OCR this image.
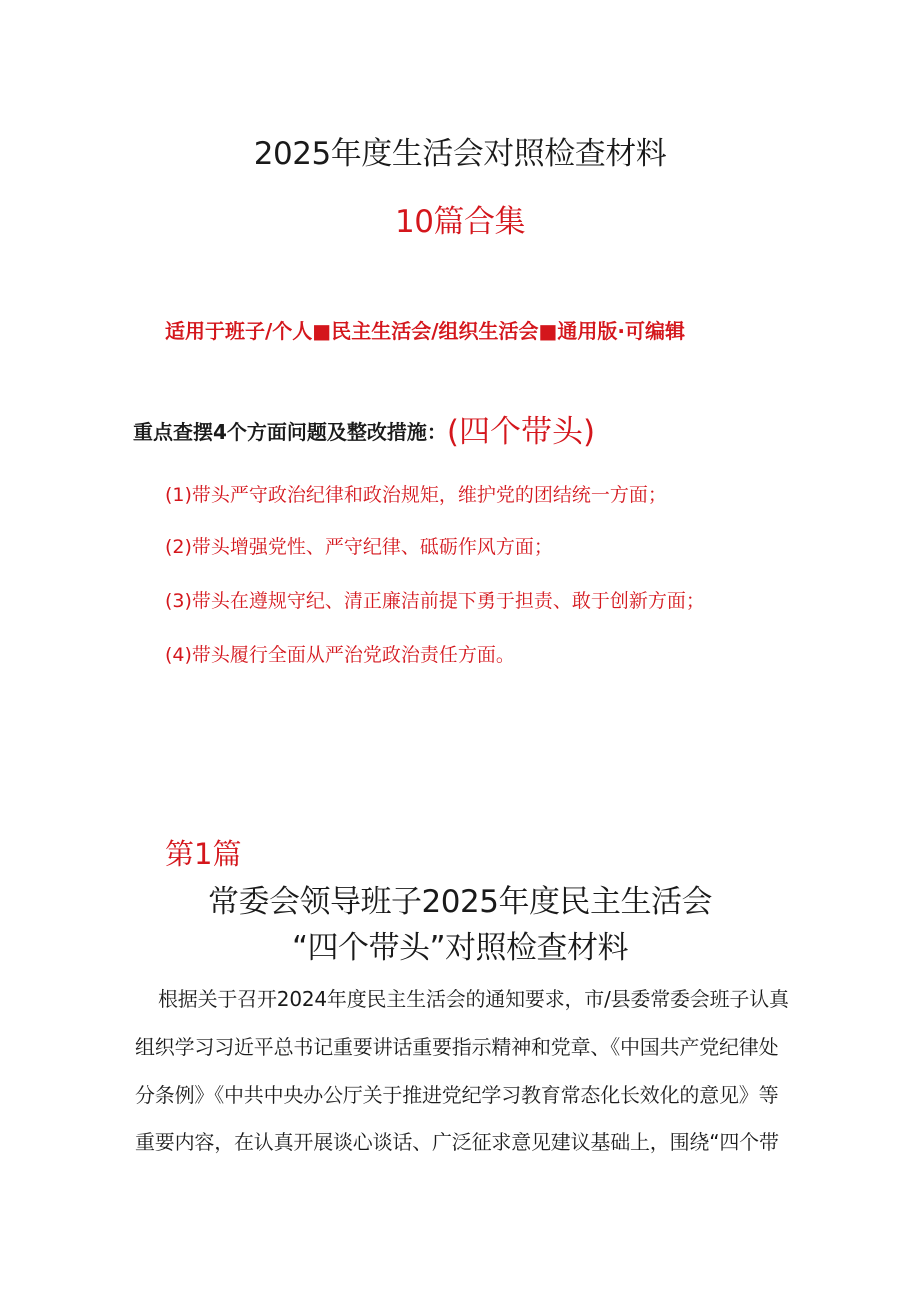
2025年度生活会对照检查材料
10篇合集
适用于班子/个人■民主生活会/组织生活会■通用版·可编辑
重点查摆4个方面问题及整改措施：(四个带头)
(1)带头严守政治纪律和政治规矩，维护党的团结统一方面；
(2)带头增强党性、严守纪律、砥砺作风方面；
(3)带头在遵规守纪、清正廉洁前提下勇于担责、敢于创新方面；
(4)带头履行全面从严治党政治责任方面。
第1篇
常委会领导班子2025年度民主生活会
“四个带头”对照检查材料
根据关于召开2024年度民主生活会的通知要求，市/县委常委会班子认真
组织学习习近平总书记重要讲话重要指示精神和党章、《中国共产党纪律处
分条例》《中共中央办公厅关于推进党纪学习教育常态化长效化的意见》等
重要内容，在认真开展谈心谈话、广泛征求意见建议基础上，围绕“四个带
